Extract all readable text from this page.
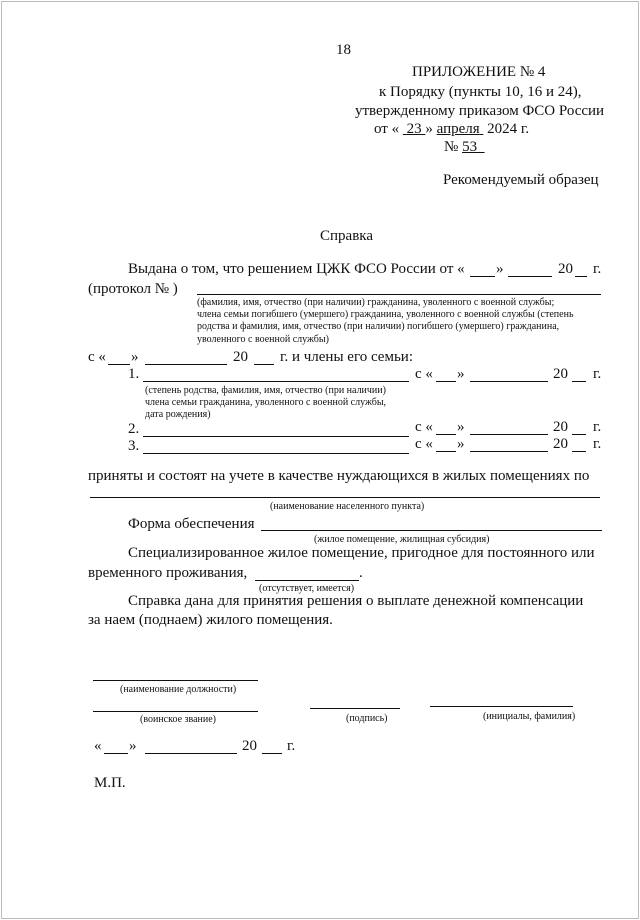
18
ПРИЛОЖЕНИЕ № 4
к Порядку (пункты 10, 16 и 24),
утвержденному приказом ФСО России
от « 23 » апреля 2024 г.
№ 53
Рекомендуемый образец
Справка
Выдана о том, что решением ЦЖК ФСО России от « »	20 г.
(протокол № )
(фамилия, имя, отчество (при наличии) гражданина, уволенного с военной службы;
члена семьи погибшего (умершего) гражданина, уволенного с военной службы (степень
родства и фамилия, имя, отчество (при наличии) погибшего (умершего) гражданина,
уволенного с военной службы)
с « »	20 г. и члены его семьи:
1.	с « »	20 г.
(степень родства, фамилия, имя, отчество (при наличии)
члена семьи гражданина, уволенного с военной службы,
дата рождения)
2.	с « »	20 г.
3.	с « »	20 г.
приняты и состоят на учете в качестве нуждающихся в жилых помещениях по
(наименование населенного пункта)
Форма обеспечения
(жилое помещение, жилищная субсидия)
Специализированное жилое помещение, пригодное для постоянного или
временного проживания,	.
(отсутствует, имеется)
Справка дана для принятия решения о выплате денежной компенсации
за наем (поднаем) жилого помещения.
(наименование должности)
(воинское звание)	(подпись)	(инициалы, фамилия)
« »	20 г.
М.П.
